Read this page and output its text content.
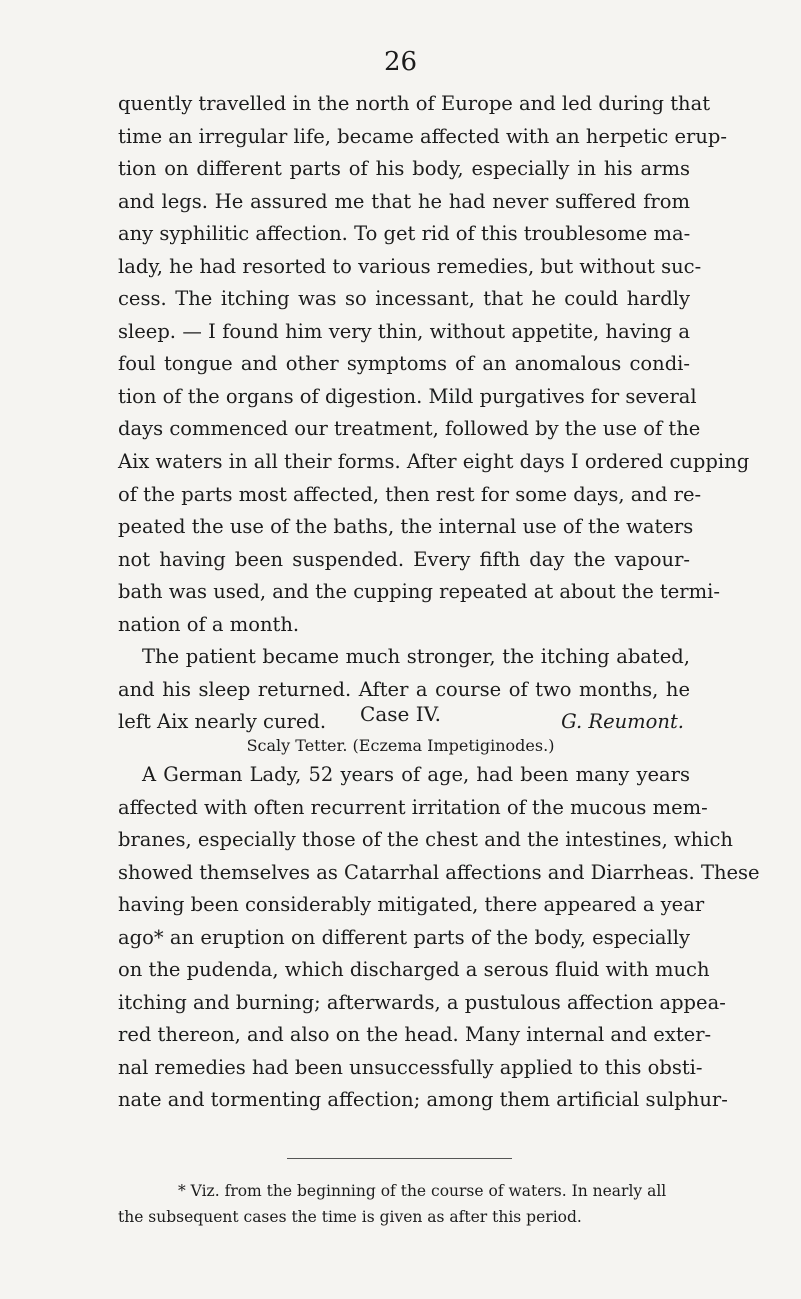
26
quently travelled in the north of Europe and led during that
time an irregular life, became affected with an herpetic erup-
tion on different parts of his body, especially in his arms
and legs. He assured me that he had never suffered from
any syphilitic affection. To get rid of this troublesome ma-
lady, he had resorted to various remedies, but without suc-
cess. The itching was so incessant, that he could hardly
sleep. — I found him very thin, without appetite, having a
foul tongue and other symptoms of an anomalous condi-
tion of the organs of digestion. Mild purgatives for several
days commenced our treatment, followed by the use of the
Aix waters in all their forms. After eight days I ordered cupping
of the parts most affected, then rest for some days, and re-
peated the use of the baths, the internal use of the waters
not having been suspended. Every fifth day the vapour-
bath was used, and the cupping repeated at about the termi-
nation of a month.
The patient became much stronger, the itching abated,
and his sleep returned. After a course of two months, he
left Aix nearly cured.	G. Reumont.
Case IV.
Scaly Tetter. (Eczema Impetiginodes.)
A German Lady, 52 years of age, had been many years
affected with often recurrent irritation of the mucous mem-
branes, especially those of the chest and the intestines, which
showed themselves as Catarrhal affections and Diarrheas. These
having been considerably mitigated, there appeared a year
ago* an eruption on different parts of the body, especially
on the pudenda, which discharged a serous fluid with much
itching and burning; afterwards, a pustulous affection appea-
red thereon, and also on the head. Many internal and exter-
nal remedies had been unsuccessfully applied to this obsti-
nate and tormenting affection; among them artificial sulphur-
* Viz. from the beginning of the course of waters. In nearly all
the subsequent cases the time is given as after this period.
